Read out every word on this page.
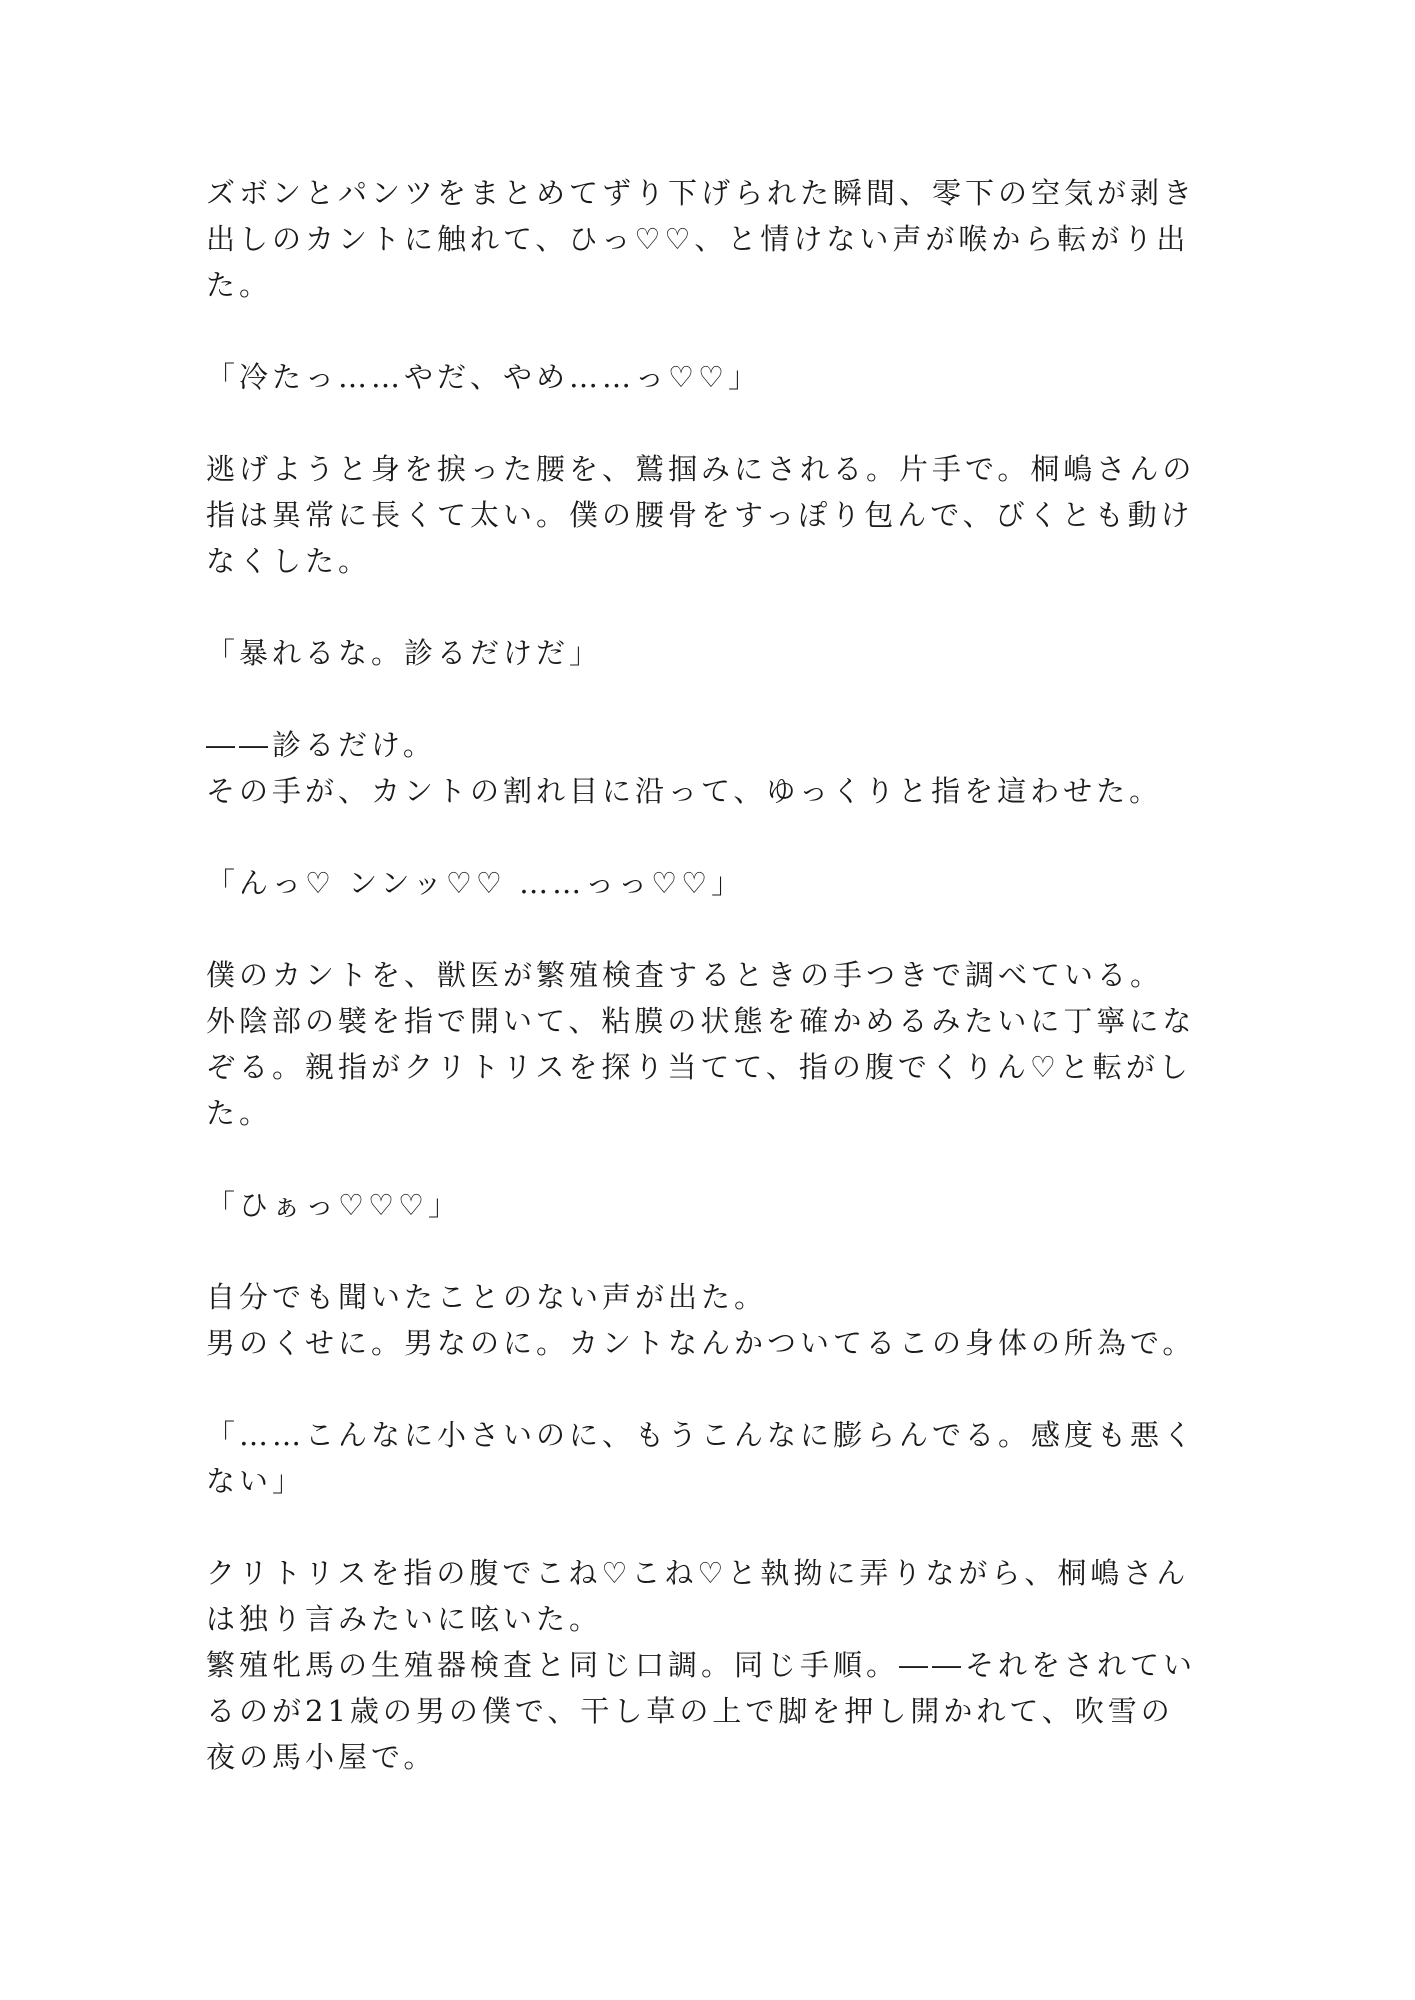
ズボンとパンツをまとめてずり下げられた瞬間、零下の空気が剥き
出しのカントに触れて、ひっ♡♡、と情けない声が喉から転がり出
た。
「冷たっ……やだ、やめ……っ♡♡」
逃げようと身を捩った腰を、鷲掴みにされる。片手で。桐嶋さんの
指は異常に長くて太い。僕の腰骨をすっぽり包んで、びくとも動け
なくした。
「暴れるな。診るだけだ」
――診るだけ。
その手が、カントの割れ目に沿って、ゆっくりと指を這わせた。
「んっ♡ ンンッ♡♡ ……っっ♡♡」
僕のカントを、獣医が繁殖検査するときの手つきで調べている。
外陰部の襞を指で開いて、粘膜の状態を確かめるみたいに丁寧にな
ぞる。親指がクリトリスを探り当てて、指の腹でくりん♡と転がし
た。
「ひぁっ♡♡♡」
自分でも聞いたことのない声が出た。
男のくせに。男なのに。カントなんかついてるこの身体の所為で。
「……こんなに小さいのに、もうこんなに膨らんでる。感度も悪く
ない」
クリトリスを指の腹でこね♡こね♡と執拗に弄りながら、桐嶋さん
は独り言みたいに呟いた。
繁殖牝馬の生殖器検査と同じ口調。同じ手順。――それをされてい
るのが21歳の男の僕で、干し草の上で脚を押し開かれて、吹雪の
夜の馬小屋で。
